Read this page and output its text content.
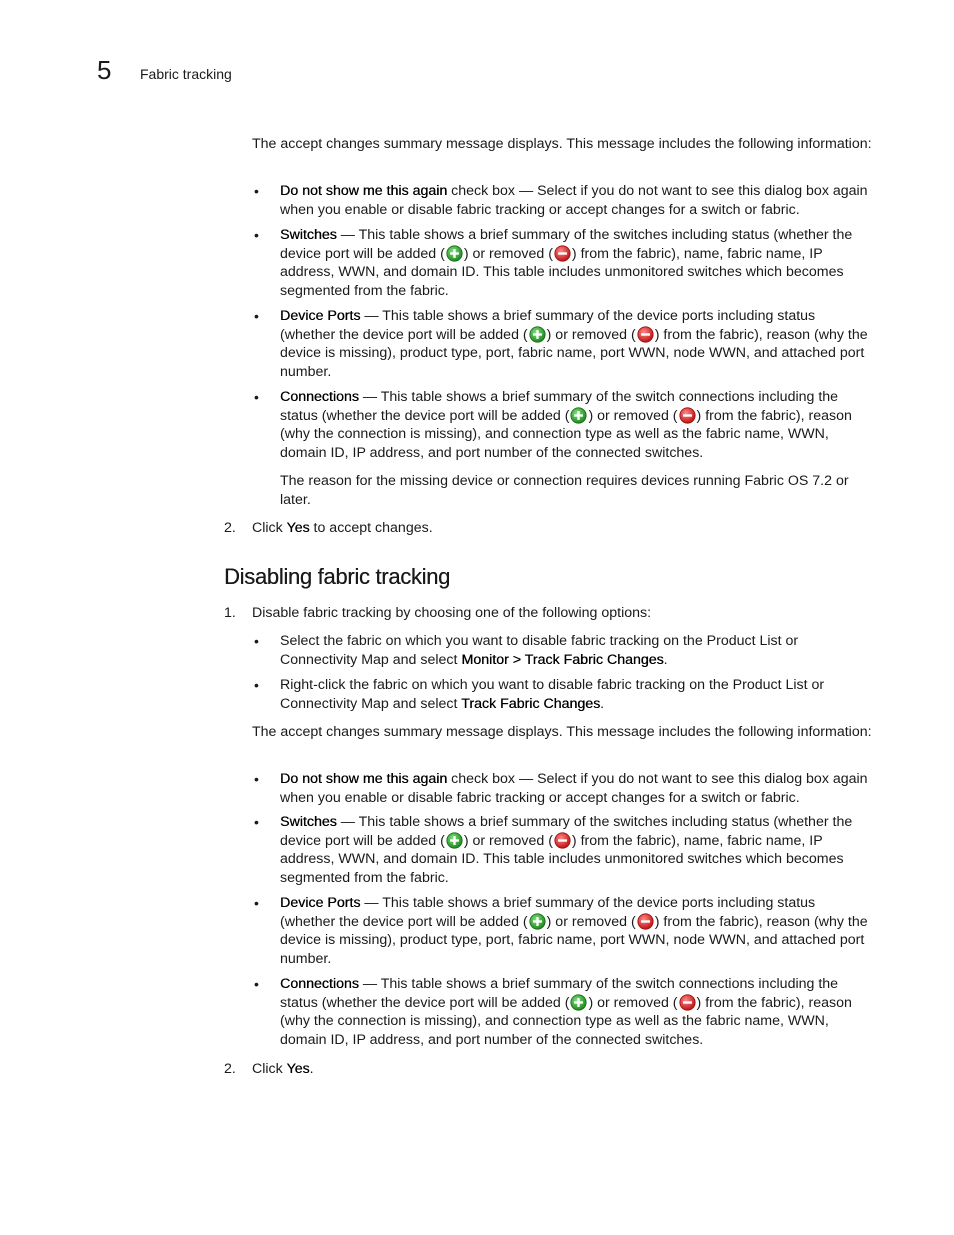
5 Fabric tracking
The accept changes summary message displays. This message includes the following information:
• Do not show me this again check box — Select if you do not want to see this dialog box again when you enable or disable fabric tracking or accept changes for a switch or fabric.
• Switches — This table shows a brief summary of the switches including status (whether the device port will be added ( ) or removed ( ) from the fabric), name, fabric name, IP address, WWN, and domain ID. This table includes unmonitored switches which becomes segmented from the fabric.
• Device Ports — This table shows a brief summary of the device ports including status (whether the device port will be added ( ) or removed ( ) from the fabric), reason (why the device is missing), product type, port, fabric name, port WWN, node WWN, and attached port number.
• Connections — This table shows a brief summary of the switch connections including the status (whether the device port will be added ( ) or removed ( ) from the fabric), reason (why the connection is missing), and connection type as well as the fabric name, WWN, domain ID, IP address, and port number of the connected switches.
The reason for the missing device or connection requires devices running Fabric OS 7.2 or later.
2. Click Yes to accept changes.
Disabling fabric tracking
1. Disable fabric tracking by choosing one of the following options:
• Select the fabric on which you want to disable fabric tracking on the Product List or Connectivity Map and select Monitor > Track Fabric Changes.
• Right-click the fabric on which you want to disable fabric tracking on the Product List or Connectivity Map and select Track Fabric Changes.
The accept changes summary message displays. This message includes the following information:
• Do not show me this again check box — Select if you do not want to see this dialog box again when you enable or disable fabric tracking or accept changes for a switch or fabric.
• Switches — This table shows a brief summary of the switches including status (whether the device port will be added ( ) or removed ( ) from the fabric), name, fabric name, IP address, WWN, and domain ID. This table includes unmonitored switches which becomes segmented from the fabric.
• Device Ports — This table shows a brief summary of the device ports including status (whether the device port will be added ( ) or removed ( ) from the fabric), reason (why the device is missing), product type, port, fabric name, port WWN, node WWN, and attached port number.
• Connections — This table shows a brief summary of the switch connections including the status (whether the device port will be added ( ) or removed ( ) from the fabric), reason (why the connection is missing), and connection type as well as the fabric name, WWN, domain ID, IP address, and port number of the connected switches.
2. Click Yes.
